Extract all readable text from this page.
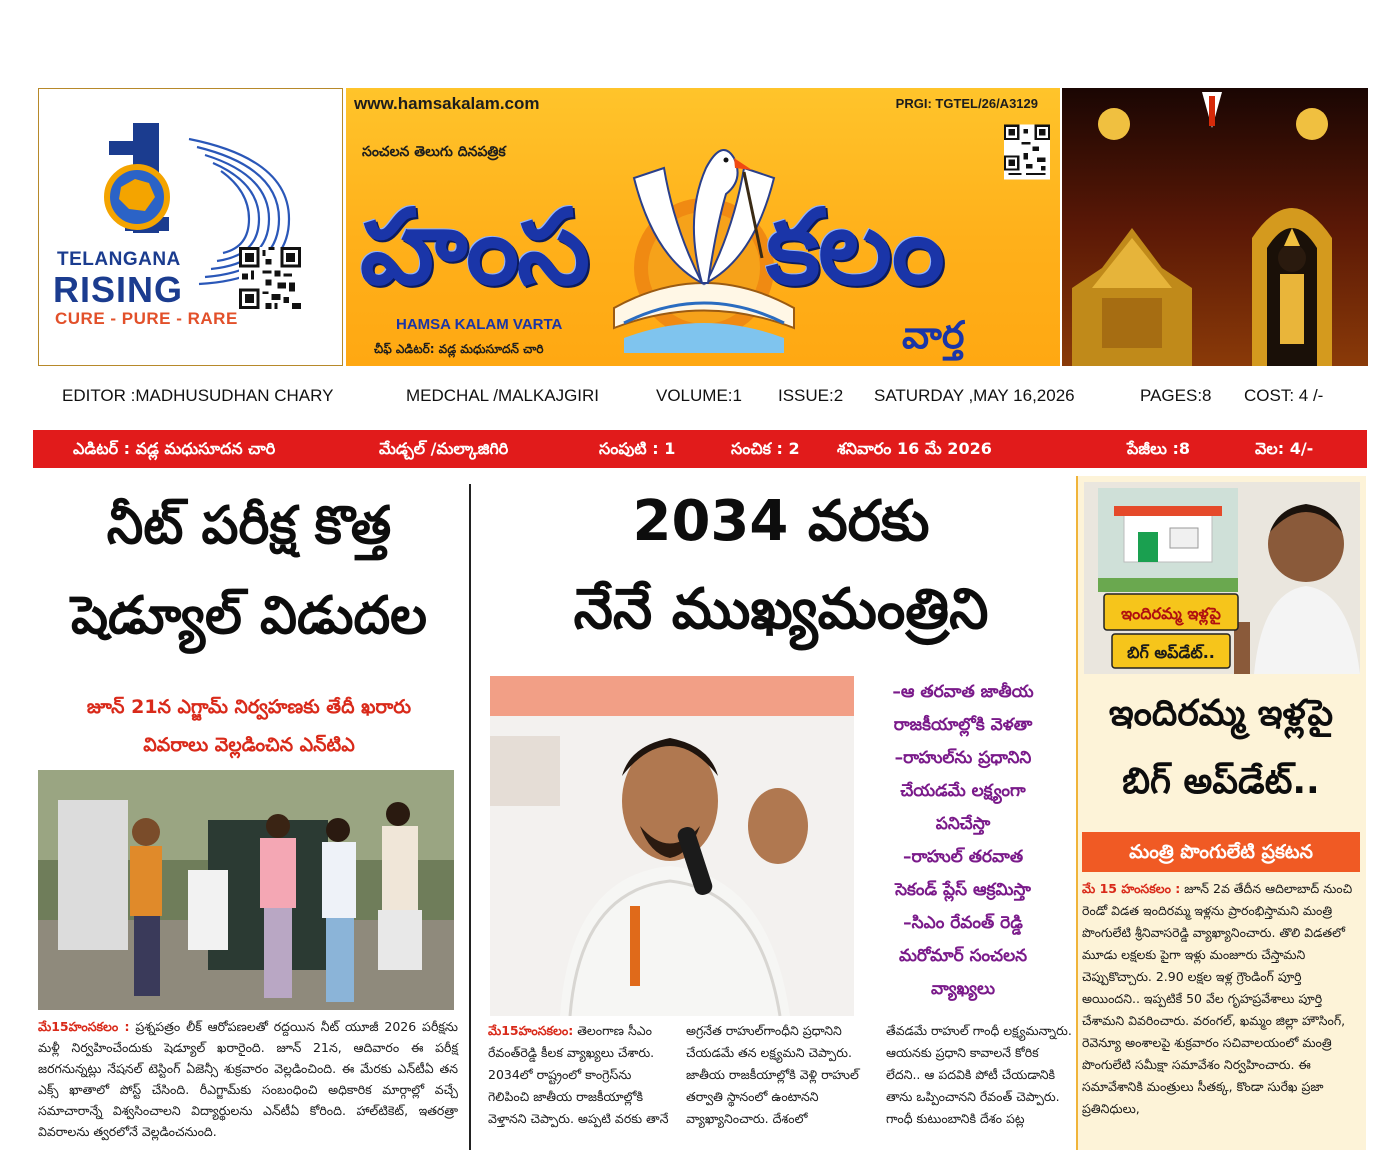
TELANGANA
RISING
CURE - PURE - RARE
www.hamsakalam.com	PRGI: TGTEL/26/A3129
సంచలన తెలుగు దినపత్రిక
హంస కలం
HAMSA KALAM VARTA	వార్త
చీఫ్ ఎడిటర్: వడ్ల మధుసూదన్ చారి
EDITOR :MADHUSUDHAN CHARY	MEDCHAL /MALKAJGIRI	VOLUME:1 ISSUE:2 SATURDAY ,MAY 16,2026	PAGES:8 COST: 4 /-
ఎడిటర్ : వడ్ల మధుసూదన చారి	మేడ్చల్ /మల్కాజిగిరి	సంపుటి : 1	సంచిక : 2 శనివారం 16 మే 2026	పేజీలు :8	వెల: 4/-
నీట్ పరీక్ష కొత్త
షెడ్యూల్ విడుదల
జూన్ 21న ఎగ్జామ్ నిర్వహణకు తేదీ ఖరారు
వివరాలు వెల్లడించిన ఎన్‌టిఎ
మే15హంసకలం : ప్రశ్నపత్రం లీక్ ఆరోపణలతో రద్దయిన నీట్ యూజీ 2026 పరీక్షను మళ్లీ నిర్వహించేందుకు షెడ్యూల్ ఖరారైంది. జూన్ 21న, ఆదివారం ఈ పరీక్ష జరగనున్నట్లు నేషనల్ టెస్టింగ్ ఏజెన్సీ శుక్రవారం వెల్లడించింది. ఈ మేరకు ఎన్‌టీఏ తన ఎక్స్ ఖాతాలో పోస్ట్ చేసింది. రీఎగ్జామ్‌కు సంబంధించి అధికారిక మార్గాల్లో వచ్చే సమాచారాన్నే విశ్వసించాలని విద్యార్థులను ఎన్‌టీఏ కోరింది. హాల్‌టికెట్, ఇతరత్రా వివరాలను త్వరలోనే వెల్లడించనుంది.
2034 వరకు
నేనే ముఖ్యమంత్రిని
–ఆ తరవాత జాతీయ
రాజకీయాల్లోకి వెళతా
–రాహుల్‌ను ప్రధానిని
చేయడమే లక్ష్యంగా
పనిచేస్తా
–రాహుల్ తరవాత
సెకండ్ ప్లేస్ ఆక్రమిస్తా
–సిఎం రేవంత్ రెడ్డి
మరోమార్ సంచలన
వ్యాఖ్యలు
మే15హంసకలం: తెలంగాణ సీఎం రేవంత్‌రెడ్డి కీలక వ్యాఖ్యలు చేశారు. 2034లో రాష్ట్రంలో కాంగ్రెస్‌ను గెలిపించి జాతీయ రాజకీయాల్లోకి వెళ్తానని చెప్పారు. అప్పటి వరకు తానే
అగ్రనేత రాహుల్‌గాంధీని ప్రధానిని చేయడమే తన లక్ష్యమని చెప్పారు. జాతీయ రాజకీయాల్లోకి వెళ్లి రాహుల్ తర్వాతి స్థానంలో ఉంటానని వ్యాఖ్యానించారు. దేశంలో
తేవడమే రాహుల్ గాంధీ లక్ష్యమన్నారు. ఆయనకు ప్రధాని కావాలనే కోరిక లేదని.. ఆ పదవికి పోటీ చేయడానికి తాను ఒప్పించానని రేవంత్ చెప్పారు. గాంధీ కుటుంబానికి దేశం పట్ల
ఇందిరమ్మ ఇళ్లపై
బిగ్ అప్‌డేట్..
ఇందిరమ్మ ఇళ్లపై
బిగ్ అప్‌డేట్..
మంత్రి పొంగులేటి ప్రకటన
మే 15 హంసకలం : జూన్ 2వ తేదీన ఆదిలాబాద్ నుంచి రెండో విడత ఇందిరమ్మ ఇళ్లను ప్రారంభిస్తామని మంత్రి పొంగులేటి శ్రీనివాసరెడ్డి వ్యాఖ్యానించారు. తొలి విడతలో మూడు లక్షలకు పైగా ఇళ్లు మంజూరు చేస్తామని చెప్పుకొచ్చారు. 2.90 లక్షల ఇళ్ల గ్రౌండింగ్ పూర్తి అయిందని.. ఇప్పటికే 50 వేల గృహప్రవేశాలు పూర్తి చేశామని వివరించారు. వరంగల్, ఖమ్మం జిల్లా హౌసింగ్, రెవెన్యూ అంశాలపై శుక్రవారం సచివాలయంలో మంత్రి పొంగులేటి సమీక్షా సమావేశం నిర్వహించారు. ఈ సమావేశానికి మంత్రులు సీతక్క, కొండా సురేఖ ప్రజా ప్రతినిధులు,
